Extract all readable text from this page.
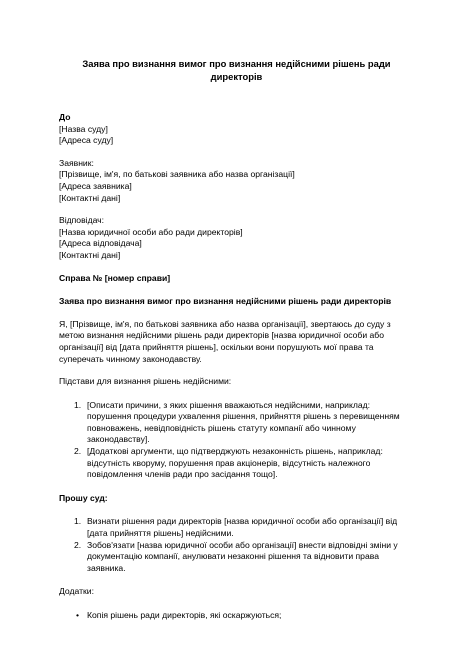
Заява про визнання вимог про визнання недійсними рішень ради директорів
До
[Назва суду]
[Адреса суду]
Заявник:
[Прізвище, ім'я, по батькові заявника або назва організації]
[Адреса заявника]
[Контактні дані]
Відповідач:
[Назва юридичної особи або ради директорів]
[Адреса відповідача]
[Контактні дані]

Справа № [номер справи]

Заява про визнання вимог про визнання недійсними рішень ради директорів

Я, [Прізвище, ім'я, по батькові заявника або назва організації], звертаюсь до суду з
метою визнання недійсними рішень ради директорів [назва юридичної особи або
організації] від [дата прийняття рішень], оскільки вони порушують мої права та
суперечать чинному законодавству.

Підстави для визнання рішень недійсними:

1. [Описати причини, з яких рішення вважаються недійсними, наприклад:
порушення процедури ухвалення рішення, прийняття рішень з перевищенням
повноважень, невідповідність рішень статуту компанії або чинному
законодавству].
2. [Додаткові аргументи, що підтверджують незаконність рішень, наприклад:
відсутність кворуму, порушення прав акціонерів, відсутність належного
повідомлення членів ради про засідання тощо].

Прошу суд:

1. Визнати рішення ради директорів [назва юридичної особи або організації] від
[дата прийняття рішень] недійсними.
2. Зобов'язати [назва юридичної особи або організації] внести відповідні зміни у
документацію компанії, анулювати незаконні рішення та відновити права
заявника.

Додатки:

• Копія рішень ради директорів, які оскаржуються;
